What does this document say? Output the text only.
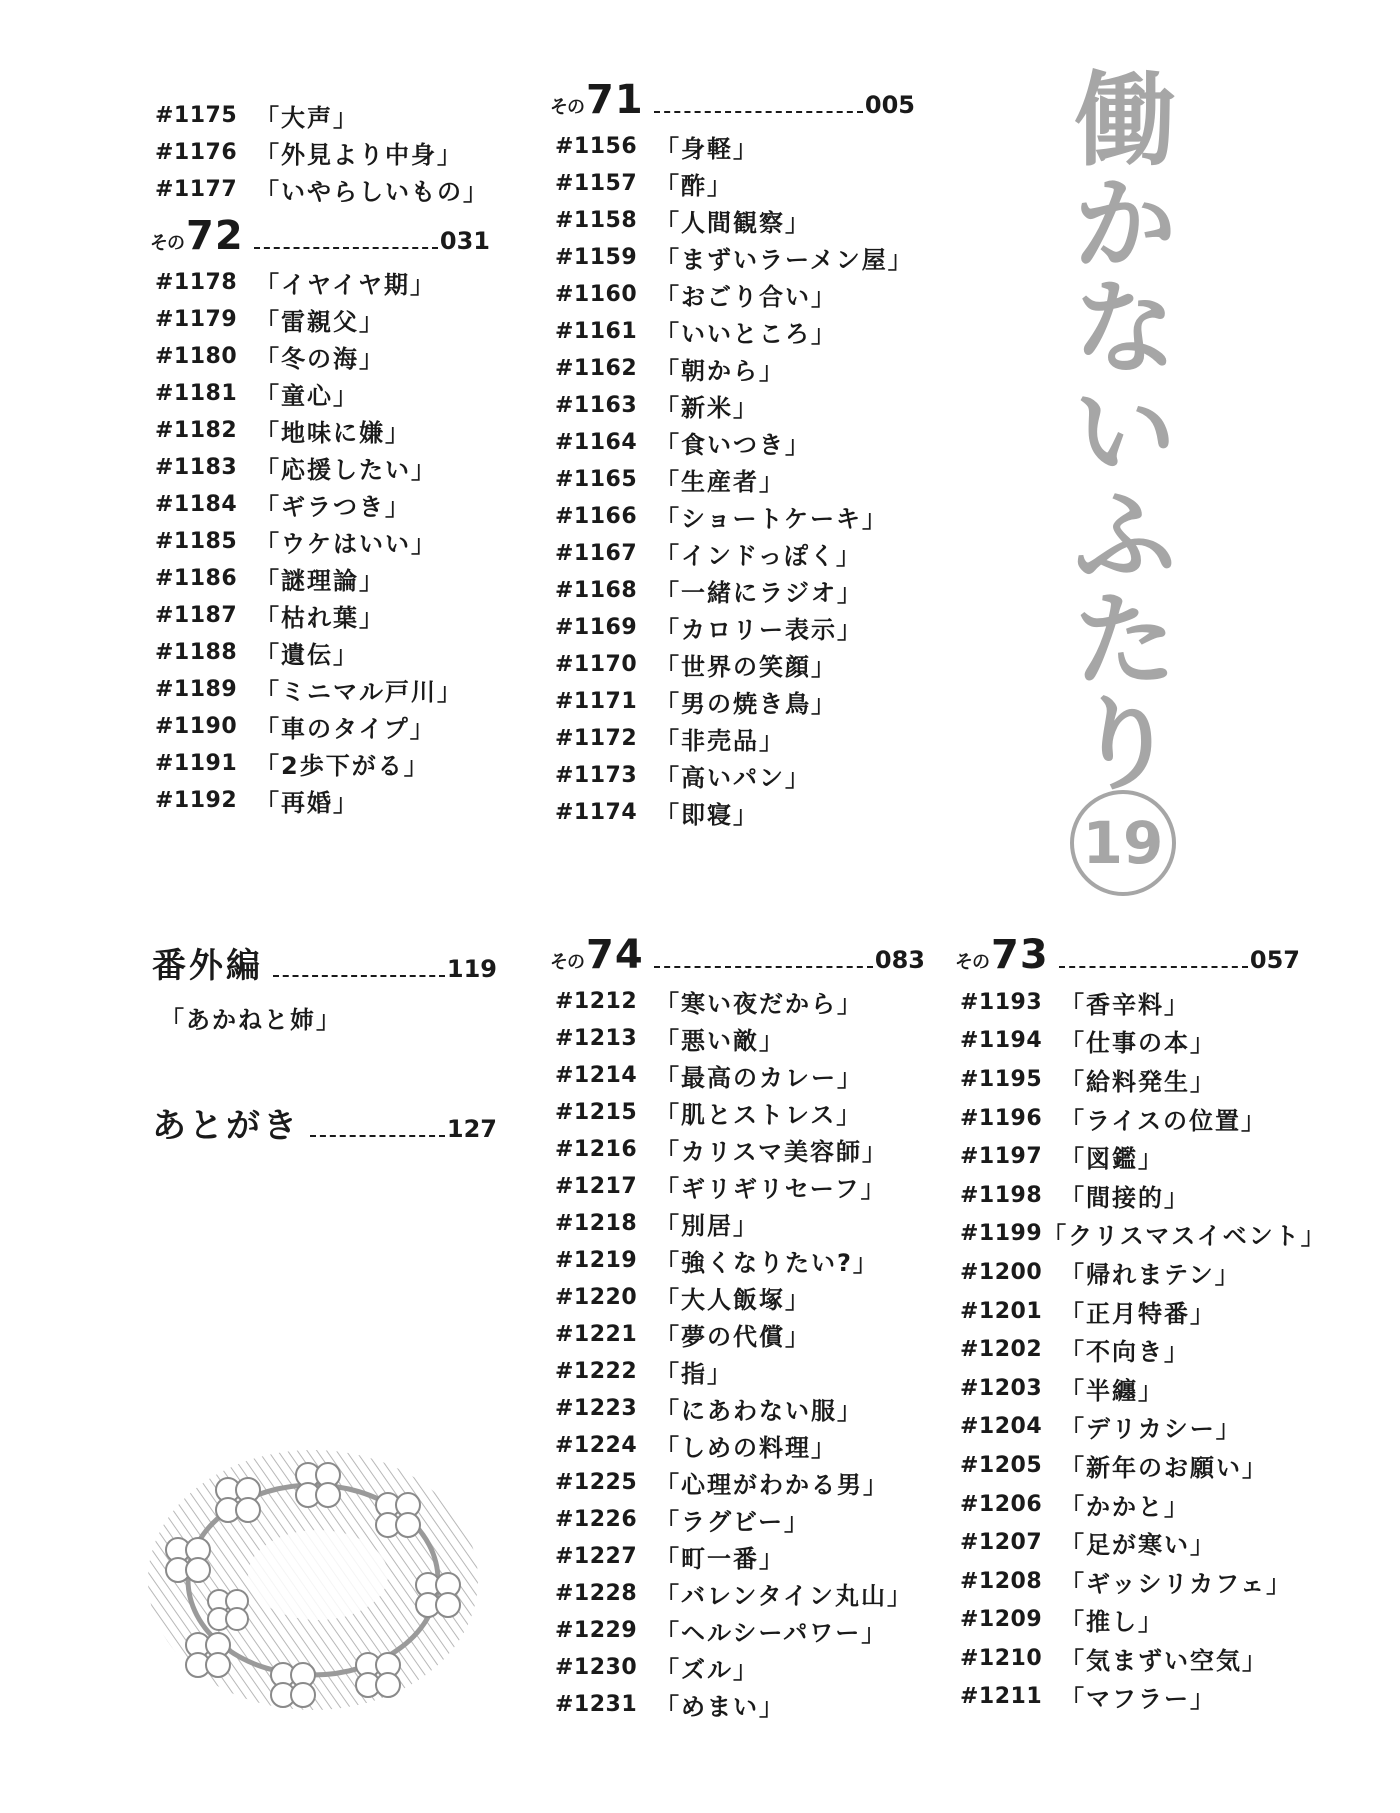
#1175 「大声」
#1176 「外見より中身」
#1177 「いやらしいもの」
その 72	031
#1178 「イヤイヤ期」
#1179 「雷親父」
#1180 「冬の海」
#1181 「童心」
#1182 「地味に嫌」
#1183 「応援したい」
#1184 「ギラつき」
#1185 「ウケはいい」
#1186 「謎理論」
#1187 「枯れ葉」
#1188 「遺伝」
#1189 「ミニマル戸川」
#1190 「車のタイプ」
#1191 「2歩下がる」
#1192 「再婚」
その 71	005
#1156 「身軽」
#1157 「酢」
#1158 「人間観察」
#1159 「まずいラーメン屋」
#1160 「おごり合い」
#1161 「いいところ」
#1162 「朝から」
#1163 「新米」
#1164 「食いつき」
#1165 「生産者」
#1166 「ショートケーキ」
#1167 「インドっぽく」
#1168 「一緒にラジオ」
#1169 「カロリー表示」
#1170 「世界の笑顔」
#1171 「男の焼き鳥」
#1172 「非売品」
#1173 「高いパン」
#1174 「即寝」
働
か
な
い
ふ
た
り
19
番外編	119
「あかねと姉」
あとがき	127
その 74	083
#1212 「寒い夜だから」
#1213 「悪い敵」
#1214 「最高のカレー」
#1215 「肌とストレス」
#1216 「カリスマ美容師」
#1217 「ギリギリセーフ」
#1218 「別居」
#1219 「強くなりたい?」
#1220 「大人飯塚」
#1221 「夢の代償」
#1222 「指」
#1223 「にあわない服」
#1224 「しめの料理」
#1225 「心理がわかる男」
#1226 「ラグビー」
#1227 「町一番」
#1228 「バレンタイン丸山」
#1229 「ヘルシーパワー」
#1230 「ズル」
#1231 「めまい」
その 73	057
#1193 「香辛料」
#1194 「仕事の本」
#1195 「給料発生」
#1196 「ライスの位置」
#1197 「図鑑」
#1198 「間接的」
#1199 「クリスマスイベント」
#1200 「帰れまテン」
#1201 「正月特番」
#1202 「不向き」
#1203 「半纏」
#1204 「デリカシー」
#1205 「新年のお願い」
#1206 「かかと」
#1207 「足が寒い」
#1208 「ギッシリカフェ」
#1209 「推し」
#1210 「気まずい空気」
#1211 「マフラー」
